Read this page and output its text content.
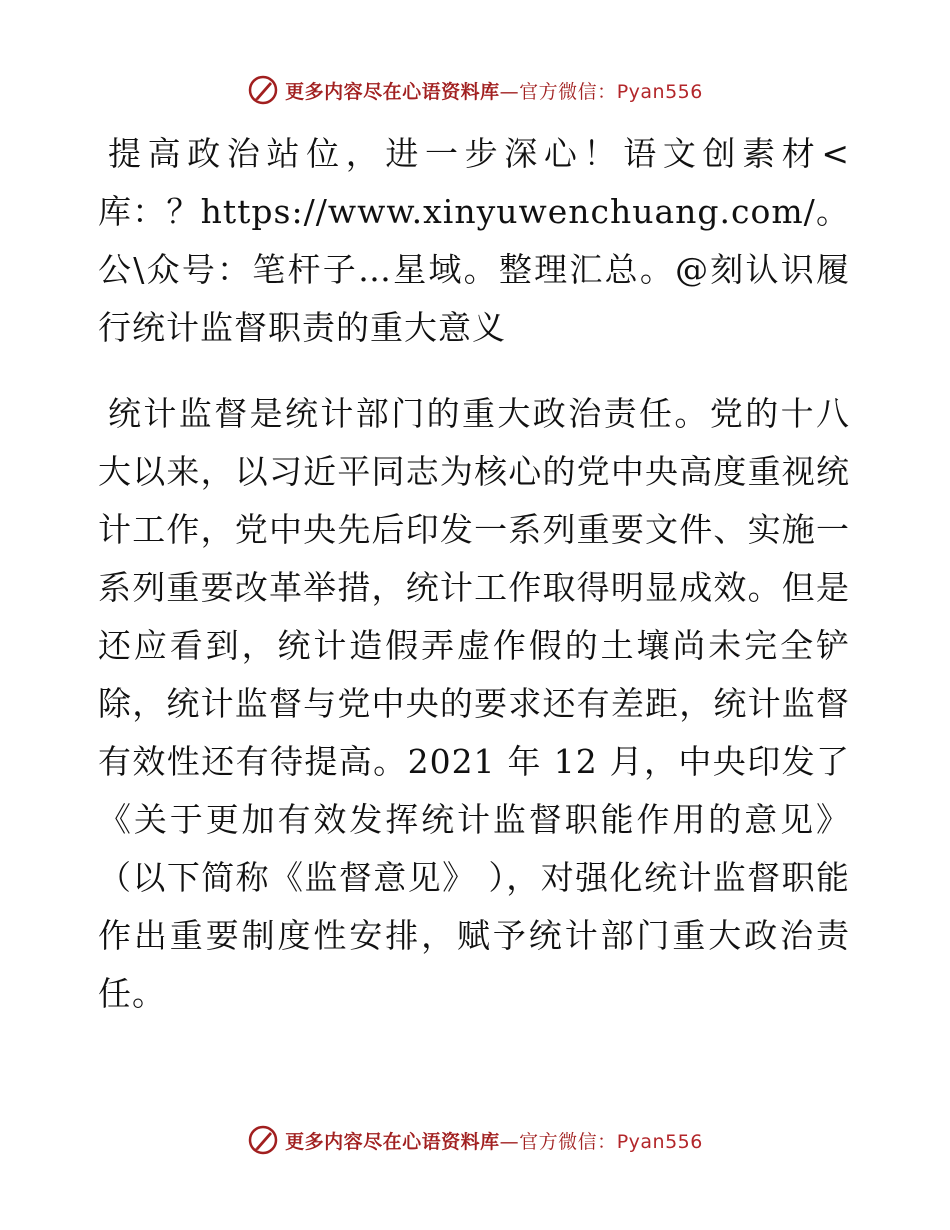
更多内容尽在心语资料库—官方微信：Pyan556

提高政治站位，进一步深心！语文创素材<库：？https://www.xinyuwenchuang.com/。公\众号：笔杆子…星域。整理汇总。@刻认识履行统计监督职责的重大意义

统计监督是统计部门的重大政治责任。党的十八大以来，以习近平同志为核心的党中央高度重视统计工作，党中央先后印发一系列重要文件、实施一系列重要改革举措，统计工作取得明显成效。但是还应看到，统计造假弄虚作假的土壤尚未完全铲除，统计监督与党中央的要求还有差距，统计监督有效性还有待提高。2021 年 12 月，中央印发了《关于更加有效发挥统计监督职能作用的意见》（以下简称《监督意见》 ），对强化统计监督职能作出重要制度性安排，赋予统计部门重大政治责任。

更多内容尽在心语资料库—官方微信：Pyan556
